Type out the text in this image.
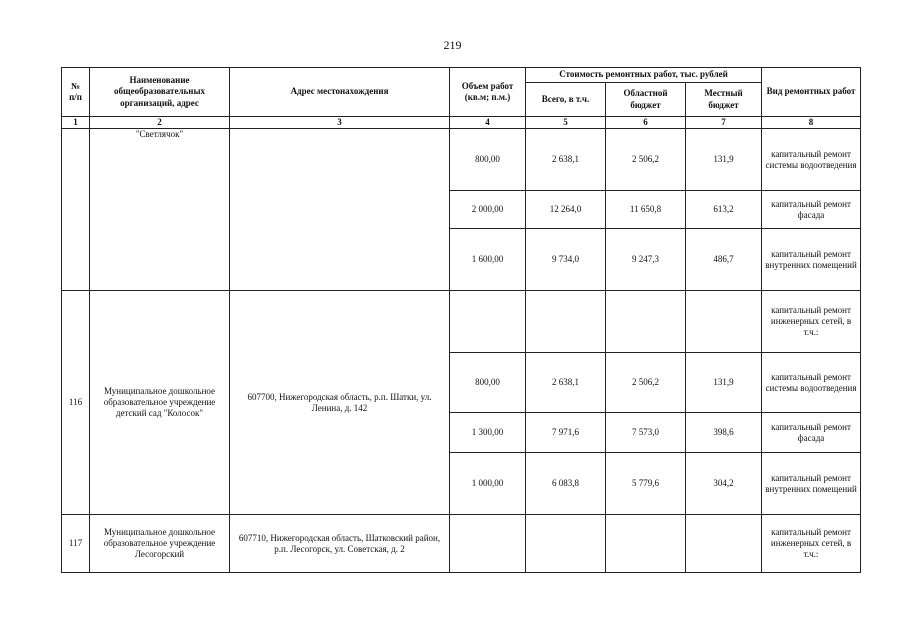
219
№
п/п	Наименование общеобразовательных организаций, адрес	Адрес местонахождения	Объем работ (кв.м; п.м.)	Стоимость ремонтных работ, тыс. рублей			Вид ремонтных работ
				Всего, в т.ч.	Областной бюджет	Местный бюджет	
1	2	3	4	5	6	7	8
	"Светлячок"		800,00	2 638,1	2 506,2	131,9	капитальный ремонт системы водоотведения
			2 000,00	12 264,0	11 650,8	613,2	капитальный ремонт фасада
			1 600,00	9 734,0	9 247,3	486,7	капитальный ремонт внутренних помещений
116	Муниципальное дошкольное образовательное учреждение детский сад "Колосок"	607700, Нижегородская область, р.п. Шатки, ул. Ленина, д. 142					капитальный ремонт инженерных сетей, в т.ч.:
			800,00	2 638,1	2 506,2	131,9	капитальный ремонт системы водоотведения
			1 300,00	7 971,6	7 573,0	398,6	капитальный ремонт фасада
			1 000,00	6 083,8	5 779,6	304,2	капитальный ремонт внутренних помещений
117	Муниципальное дошкольное образовательное учреждение Лесогорский	607710, Нижегородская область, Шатковский район, р.п. Лесогорск, ул. Советская, д. 2					капитальный ремонт инженерных сетей, в т.ч.:
